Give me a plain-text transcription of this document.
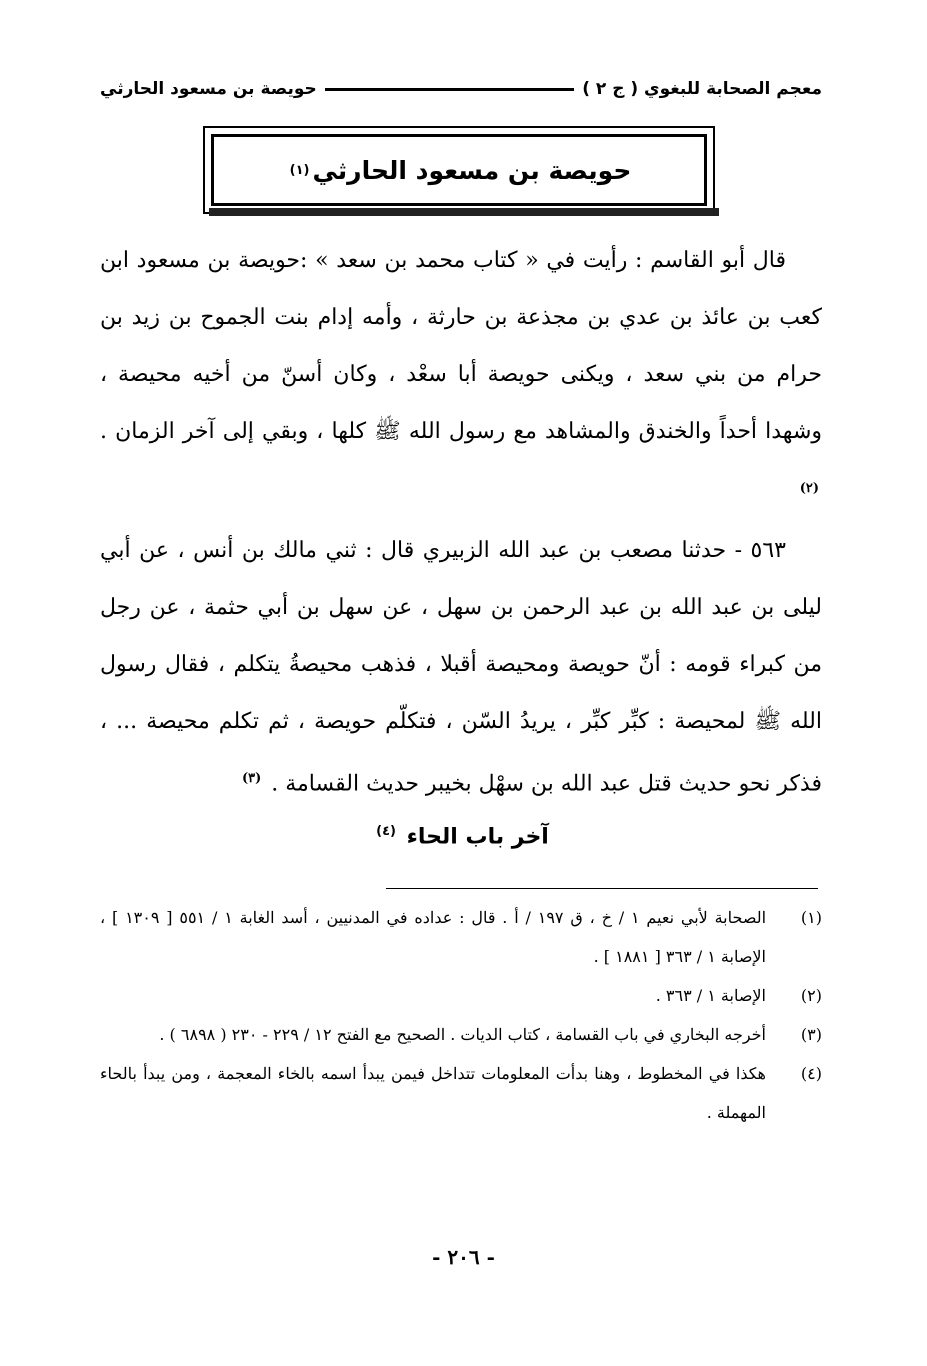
معجم الصحابة للبغوي ( ج ٢ )
حويصة بن مسعود الحارثي
حويصة بن مسعود الحارثي
(١)

قال أبو القاسم : رأيت في « كتاب محمد بن سعد » :حويصة بن مسعود ابن كعب بن عائذ بن عدي بن مجذعة بن حارثة ، وأمه إدام بنت الجموح بن زيد بن حرام من بني سعد ، ويكنى حويصة أبا سعْد ، وكان أسنّ من أخيه محيصة ، وشهدا أحداً والخندق والمشاهد مع رسول الله ﷺ كلها ، وبقي إلى آخر الزمان . $^{(٢)}$

٥٦٣ - حدثنا مصعب بن عبد الله الزبيري قال : ثني مالك بن أنس ، عن أبي ليلى بن عبد الله بن عبد الرحمن بن سهل ، عن سهل بن أبي حثمة ، عن رجل من كبراء قومه : أنّ حويصة ومحيصة أقبلا ، فذهب محيصةُ يتكلم ، فقال رسول الله ﷺ لمحيصة : كبِّر كبِّر ، يريدُ السّن ، فتكلّم حويصة ، ثم تكلم محيصة ... ، فذكر نحو حديث قتل عبد الله بن سهْل بخيبر حديث القسامة . $^{(٣)}$

آخر باب الحاء $^{(٤)}$
(١)
الصحابة لأبي نعيم ١ / خ ، ق ١٩٧ / أ . قال : عداده في المدنيين ، أسد الغابة ١ / ٥٥١ [ ١٣٠٩ ] ، الإصابة ١ / ٣٦٣ [ ١٨٨١ ] .
(٢)
الإصابة ١ / ٣٦٣ .
(٣)
أخرجه البخاري في باب القسامة ، كتاب الديات . الصحيح مع الفتح ١٢ / ٢٢٩ - ٢٣٠ ( ٦٨٩٨ ) .
(٤)
هكذا في المخطوط ، وهنا بدأت المعلومات تتداخل فيمن يبدأ اسمه بالخاء المعجمة ، ومن يبدأ بالحاء المهملة .
- ٢٠٦ -
